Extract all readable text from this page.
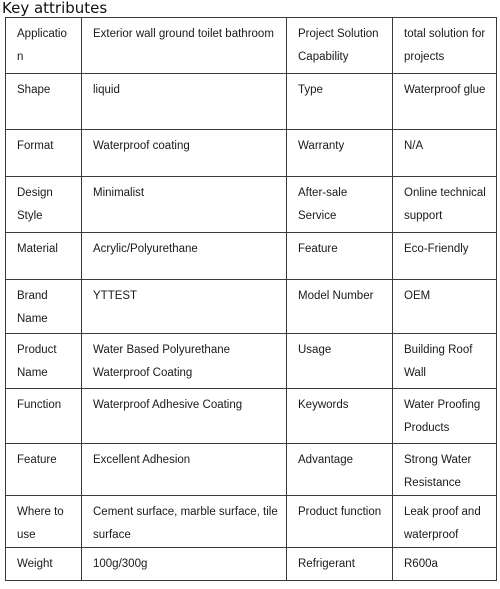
Key attributes
Application	Exterior wall ground toilet bathroom	Project Solution Capability	total solution for projects
Shape	liquid	Type	Waterproof glue
Format	Waterproof coating	Warranty	N/A
Design Style	Minimalist	After-sale Service	Online technical support
Material	Acrylic/Polyurethane	Feature	Eco-Friendly
Brand Name	YTTEST	Model Number	OEM
Product Name	Water Based Polyurethane Waterproof Coating	Usage	Building Roof Wall
Function	Waterproof Adhesive Coating	Keywords	Water Proofing Products
Feature	Excellent Adhesion	Advantage	Strong Water Resistance
Where to use	Cement surface, marble surface, tile surface	Product function	Leak proof and waterproof
Weight	100g/300g	Refrigerant	R600a
